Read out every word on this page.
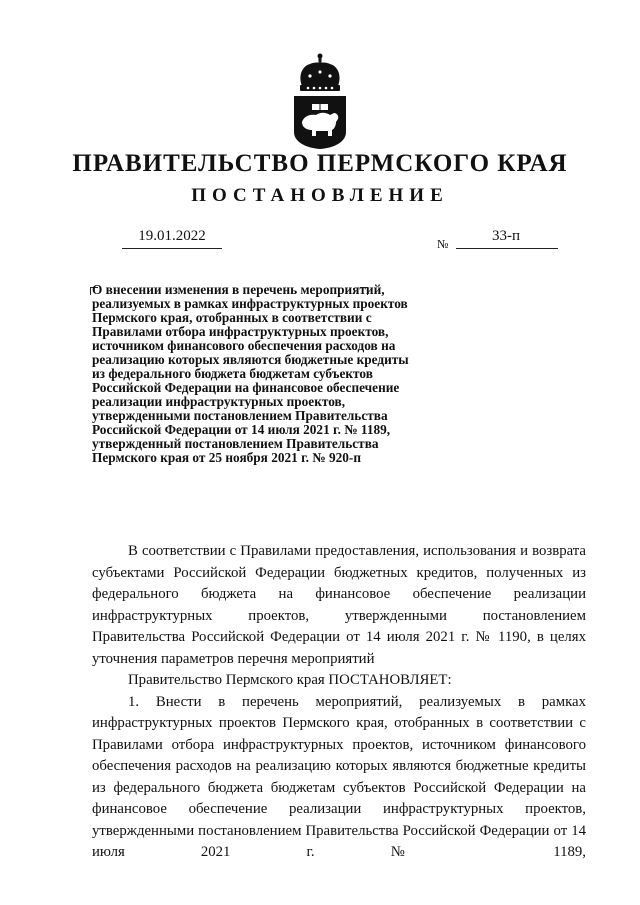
ПРАВИТЕЛЬСТВО ПЕРМСКОГО КРАЯ
ПОСТАНОВЛЕНИЕ
19.01.2022	№	33-п
О внесении изменения в перечень мероприятий, реализуемых в рамках инфраструктурных проектов Пермского края, отобранных в соответствии с Правилами отбора инфраструктурных проектов, источником финансового обеспечения расходов на реализацию которых являются бюджетные кредиты из федерального бюджета бюджетам субъектов Российской Федерации на финансовое обеспечение реализации инфраструктурных проектов, утвержденными постановлением Правительства Российской Федерации от 14 июля 2021 г. № 1189, утвержденный постановлением Правительства Пермского края от 25 ноября 2021 г. № 920-п

В соответствии с Правилами предоставления, использования и возврата субъектами Российской Федерации бюджетных кредитов, полученных из федерального бюджета на финансовое обеспечение реализации инфраструктурных проектов, утвержденными постановлением Правительства Российской Федерации от 14 июля 2021 г. № 1190, в целях уточнения параметров перечня мероприятий

Правительство Пермского края ПОСТАНОВЛЯЕТ:

1. Внести в перечень мероприятий, реализуемых в рамках инфраструктурных проектов Пермского края, отобранных в соответствии с Правилами отбора инфраструктурных проектов, источником финансового обеспечения расходов на реализацию которых являются бюджетные кредиты из федерального бюджета бюджетам субъектов Российской Федерации на финансовое обеспечение реализации инфраструктурных проектов, утвержденными постановлением Правительства Российской Федерации от 14 июля 2021 г. № 1189,
